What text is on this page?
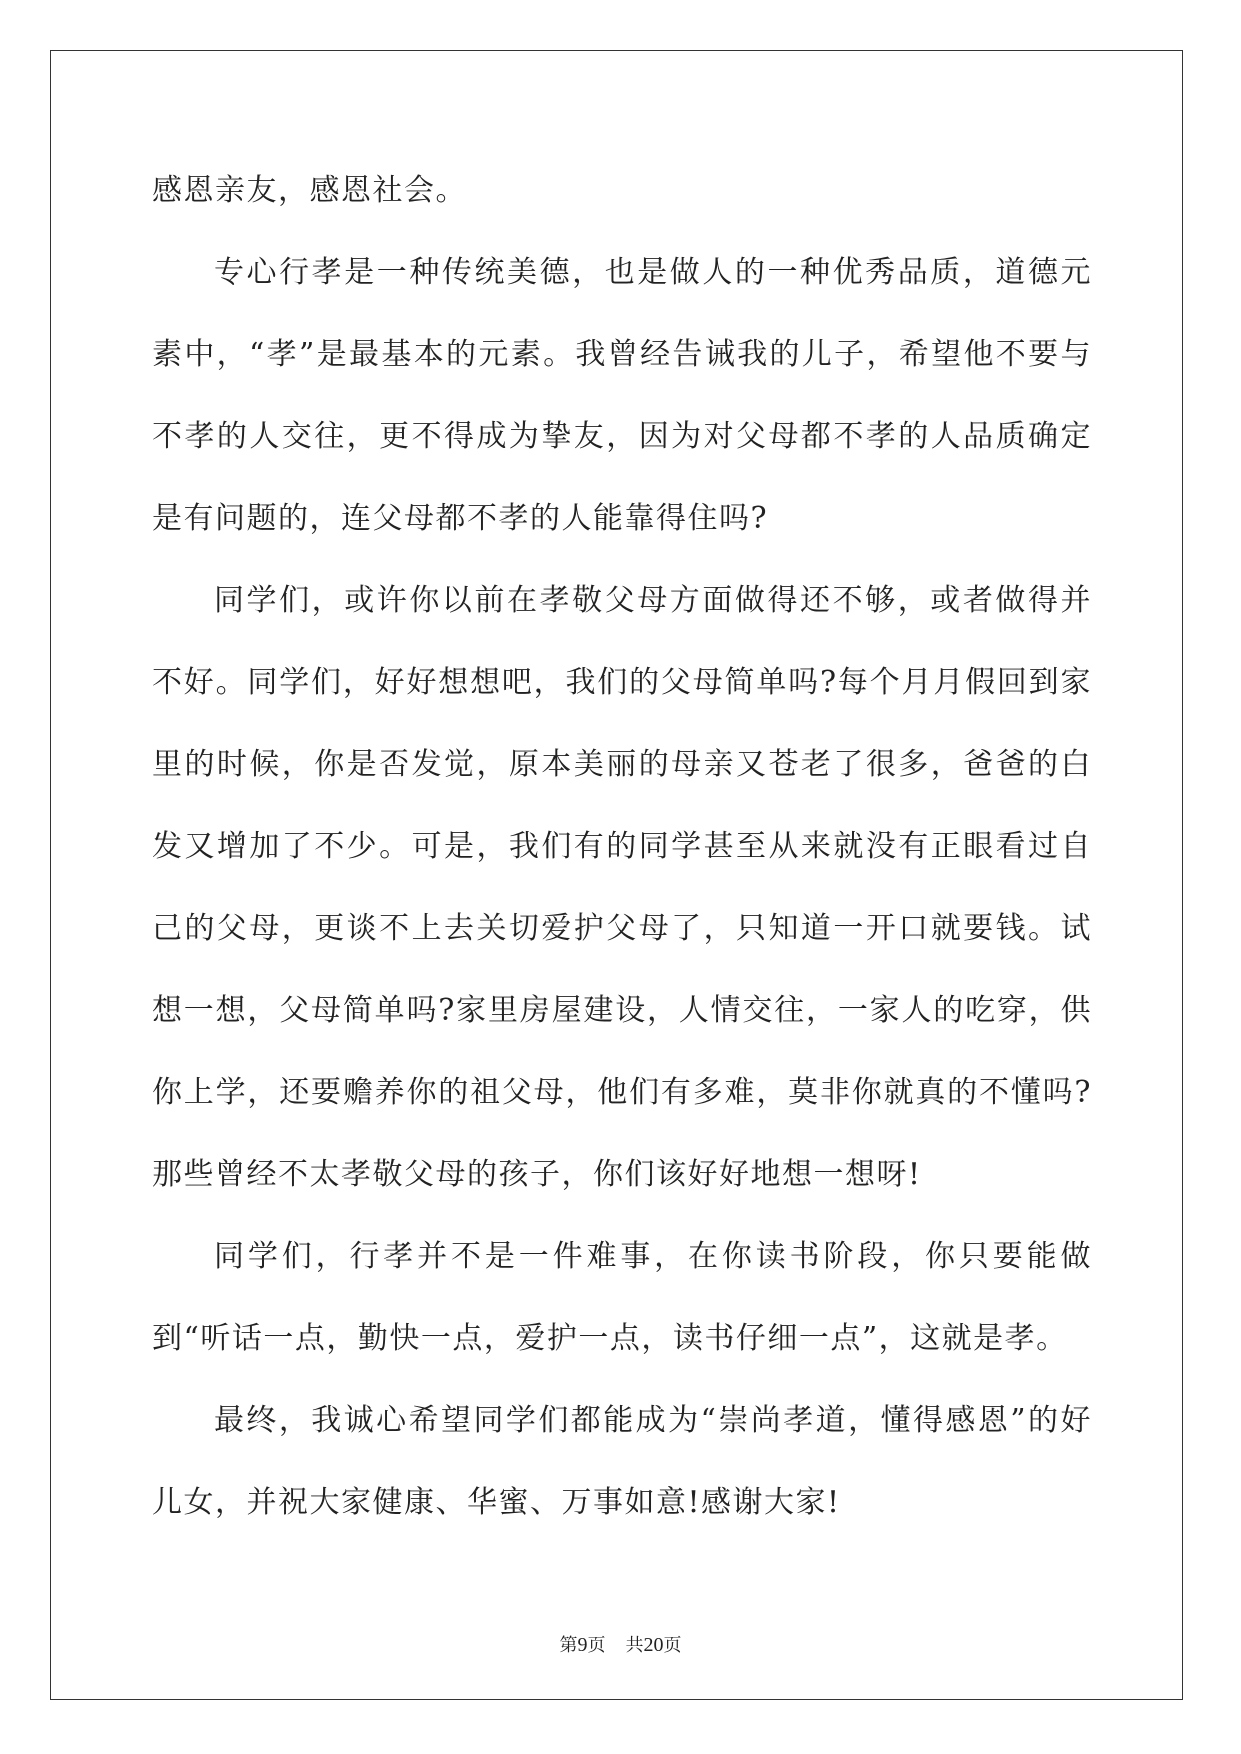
感恩亲友，感恩社会。

专心行孝是一种传统美德，也是做人的一种优秀品质，道德元素中，“孝”是最基本的元素。我曾经告诫我的儿子，希望他不要与不孝的人交往，更不得成为挚友，因为对父母都不孝的人品质确定是有问题的，连父母都不孝的人能靠得住吗?

同学们，或许你以前在孝敬父母方面做得还不够，或者做得并不好。同学们，好好想想吧，我们的父母简单吗?每个月月假回到家里的时候，你是否发觉，原本美丽的母亲又苍老了很多，爸爸的白发又增加了不少。可是，我们有的同学甚至从来就没有正眼看过自己的父母，更谈不上去关切爱护父母了，只知道一开口就要钱。试想一想，父母简单吗?家里房屋建设，人情交往，一家人的吃穿，供你上学，还要赡养你的祖父母，他们有多难，莫非你就真的不懂吗?那些曾经不太孝敬父母的孩子，你们该好好地想一想呀!

同学们，行孝并不是一件难事，在你读书阶段，你只要能做到“听话一点，勤快一点，爱护一点，读书仔细一点”，这就是孝。

最终，我诚心希望同学们都能成为“崇尚孝道，懂得感恩”的好儿女，并祝大家健康、华蜜、万事如意!感谢大家!

第9页 共20页
